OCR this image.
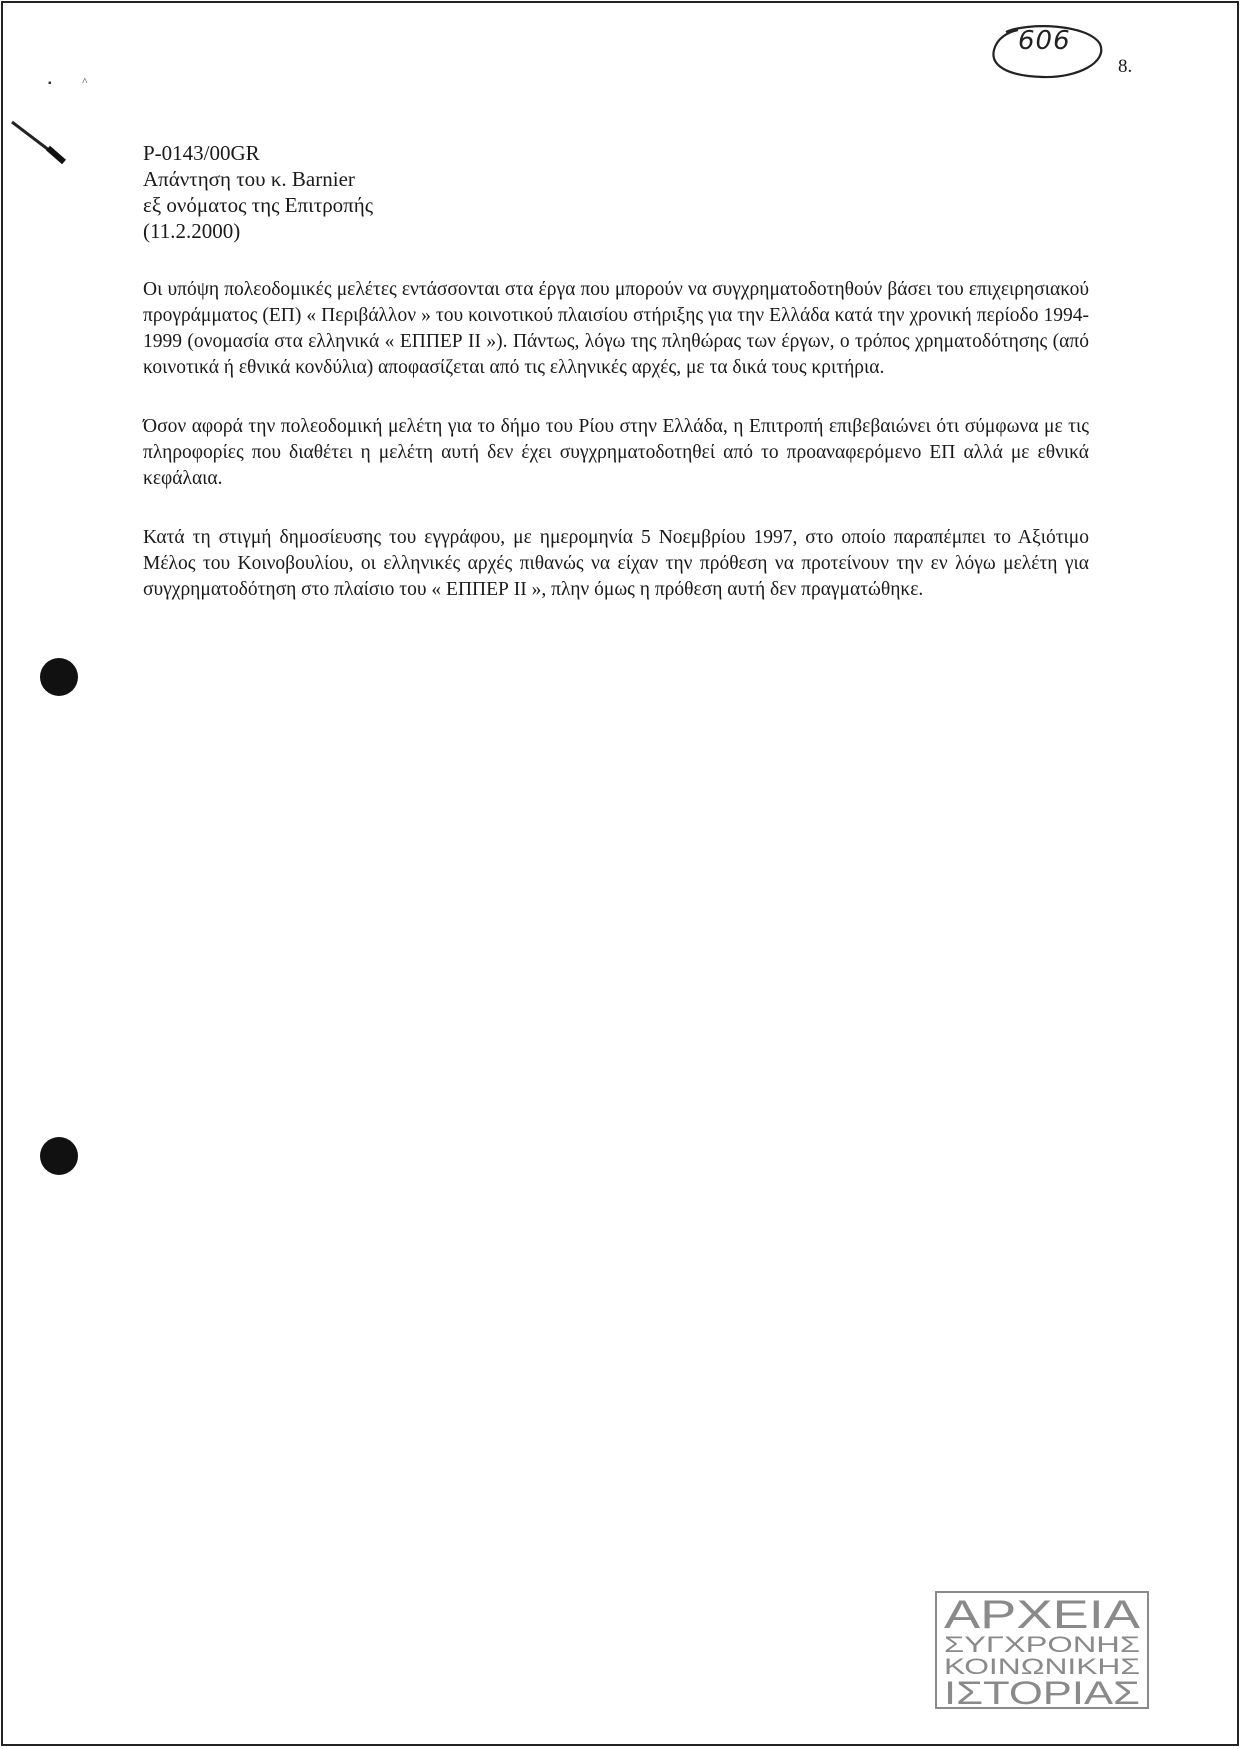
606
8.
▪	˄
P-0143/00GR
Απάντηση του κ. Barnier
εξ ονόματος της Επιτροπής
(11.2.2000)

Οι υπόψη πολεοδομικές μελέτες εντάσσονται στα έργα που μπορούν να συγχρηματοδοτηθούν βάσει του επιχειρησιακού προγράμματος (ΕΠ) « Περιβάλλον » του κοινοτικού πλαισίου στήριξης για την Ελλάδα κατά την χρονική περίοδο 1994-1999 (ονομασία στα ελληνικά « ΕΠΠΕΡ ΙΙ »). Πάντως, λόγω της πληθώρας των έργων, ο τρόπος χρηματοδότησης (από κοινοτικά ή εθνικά κονδύλια) αποφασίζεται από τις ελληνικές αρχές, με τα δικά τους κριτήρια.

Όσον αφορά την πολεοδομική μελέτη για το δήμο του Ρίου στην Ελλάδα, η Επιτροπή επιβεβαιώνει ότι σύμφωνα με τις πληροφορίες που διαθέτει η μελέτη αυτή δεν έχει συγχρηματοδοτηθεί από το προαναφερόμενο ΕΠ αλλά με εθνικά κεφάλαια.

Κατά τη στιγμή δημοσίευσης του εγγράφου, με ημερομηνία 5 Νοεμβρίου 1997, στο οποίο παραπέμπει το Αξιότιμο Μέλος του Κοινοβουλίου, οι ελληνικές αρχές πιθανώς να είχαν την πρόθεση να προτείνουν την εν λόγω μελέτη για συγχρηματοδότηση στο πλαίσιο του « ΕΠΠΕΡ ΙΙ », πλην όμως η πρόθεση αυτή δεν πραγματώθηκε.

ΑΡΧΕΙΑ
ΣΥΓΧΡΟΝΗΣ
ΚΟΙΝΩΝΙΚΗΣ
ΙΣΤΟΡΙΑΣ
